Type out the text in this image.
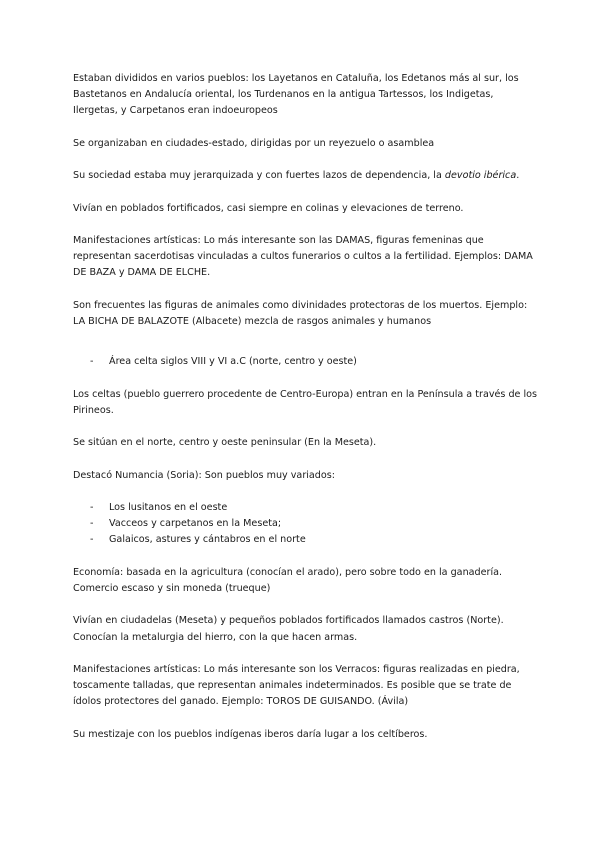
Estaban divididos en varios pueblos: los Layetanos en Cataluña, los Edetanos más al sur, los Bastetanos en Andalucía oriental, los Turdenanos en la antigua Tartessos, los Indigetas, Ilergetas, y Carpetanos eran indoeuropeos

Se organizaban en ciudades-estado, dirigidas por un reyezuelo o asamblea

Su sociedad estaba muy jerarquizada y con fuertes lazos de dependencia, la devotio ibérica.

Vivían en poblados fortificados, casi siempre en colinas y elevaciones de terreno.

Manifestaciones artísticas: Lo más interesante son las DAMAS, figuras femeninas que representan sacerdotisas vinculadas a cultos funerarios o cultos a la fertilidad. Ejemplos: DAMA DE BAZA y DAMA DE ELCHE.

Son frecuentes las figuras de animales como divinidades protectoras de los muertos. Ejemplo: LA BICHA DE BALAZOTE (Albacete) mezcla de rasgos animales y humanos

- Área celta siglos VIII y VI a.C (norte, centro y oeste)

Los celtas (pueblo guerrero procedente de Centro-Europa) entran en la Península a través de los Pirineos.

Se sitúan en el norte, centro y oeste peninsular (En la Meseta).

Destacó Numancia (Soria): Son pueblos muy variados:

- Los lusitanos en el oeste
- Vacceos y carpetanos en la Meseta;
- Galaicos, astures y cántabros en el norte

Economía: basada en la agricultura (conocían el arado), pero sobre todo en la ganadería. Comercio escaso y sin moneda (trueque)

Vivían en ciudadelas (Meseta) y pequeños poblados fortificados llamados castros (Norte). Conocían la metalurgia del hierro, con la que hacen armas.

Manifestaciones artísticas: Lo más interesante son los Verracos: figuras realizadas en piedra, toscamente talladas, que representan animales indeterminados. Es posible que se trate de ídolos protectores del ganado. Ejemplo: TOROS DE GUISANDO. (Ávila)

Su mestizaje con los pueblos indígenas iberos daría lugar a los celtíberos.
